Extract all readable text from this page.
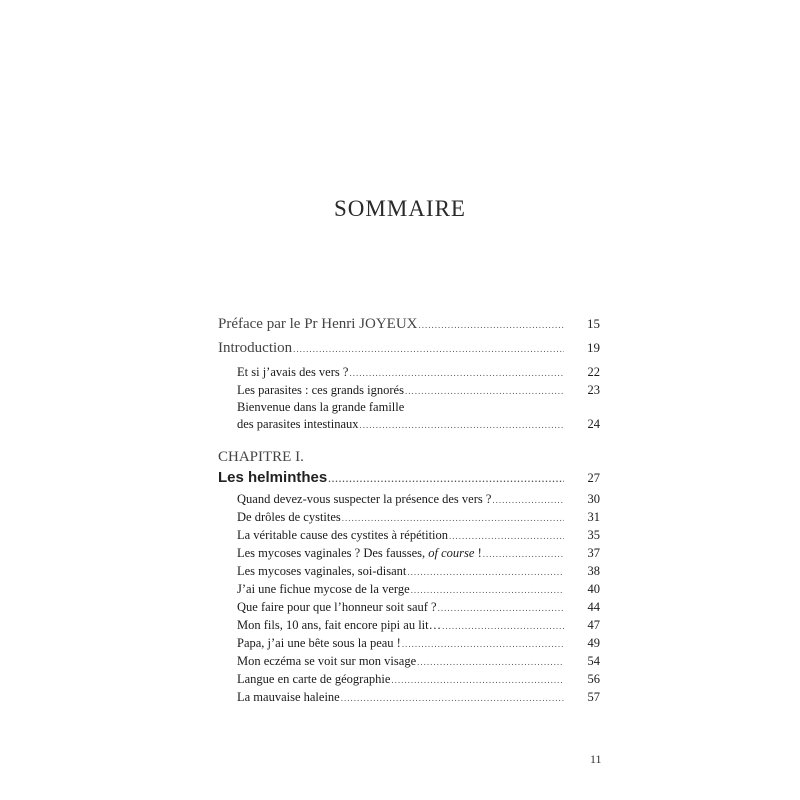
SOMMAIRE
Préface par le Pr Henri JOYEUX .....	15
Introduction .....	19
Et si j’avais des vers ? .....	22
Les parasites : ces grands ignorés .....	23
Bienvenue dans la grande famille
des parasites intestinaux .....	24
CHAPITRE I.
Les helminthes .....	27
Quand devez-vous suspecter la présence des vers ? .....	30
De drôles de cystites .....	31
La véritable cause des cystites à répétition .....	35
Les mycoses vaginales ? Des fausses, of course ! .....	37
Les mycoses vaginales, soi-disant .....	38
J’ai une fichue mycose de la verge .....	40
Que faire pour que l’honneur soit sauf ? .....	44
Mon fils, 10 ans, fait encore pipi au lit… .....	47
Papa, j’ai une bête sous la peau ! .....	49
Mon eczéma se voit sur mon visage .....	54
Langue en carte de géographie .....	56
La mauvaise haleine .....	57
11
